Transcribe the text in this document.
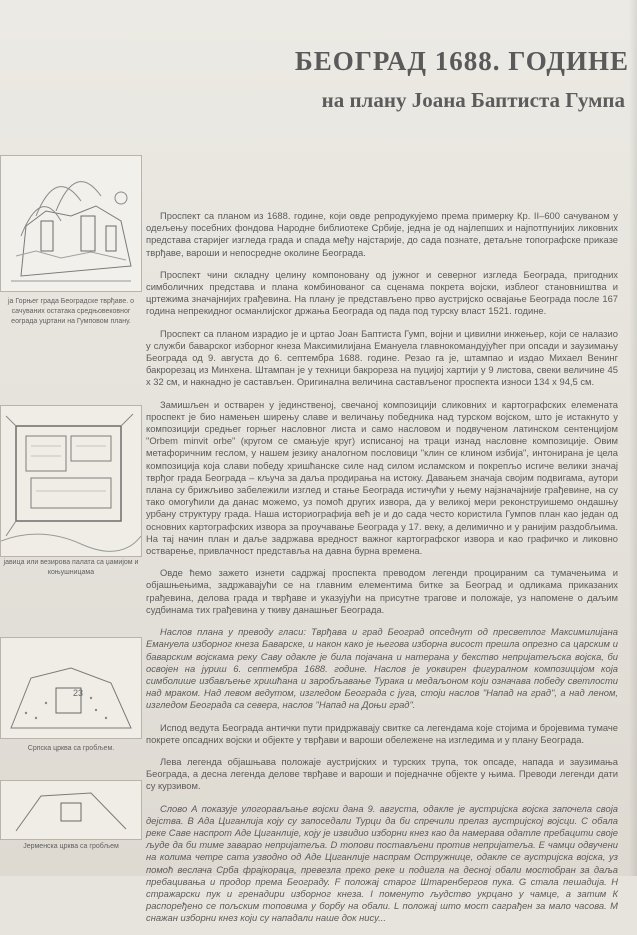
БЕОГРАД 1688. ГОДИНЕ
на плану Јоана Баптиста Гумпа
ја Горњег града Београдске тврђаве. о сачуваних остатака средњовековног еограда уцртани на Гумповом плану.
јавица или везирова палата са џамијом и коњушницама
23
Српска црква са гробљем.
Јерменска црква са гробљем

Проспект са планом из 1688. године, који овде репродукујемо према примерку Кр. II–600 сачуваном у одељењу посебних фондова Народне библиотеке Србије, једна је од најлепших и најпотпунијих ликовних представа старијег изгледа града и спада међу најстарије, до сада познате, детаљне топографске приказе тврђаве, вароши и непосредне околине Београда.

Проспект чини складну целину компоновану од јужног и северног изгледа Београда, пригодних симболичних представа и плана комбинованог са сценама покрета војски, изблеог становништва и цртежима значајнијих грађевина. На плану је представљено прво аустријско освајање Београда после 167 година непрекидног османлијског држања Београда од пада под турску власт 1521. године.

Проспект са планом израдио је и цртао Јоан Баптиста Гумп, војни и цивилни инжењер, који се налазио у служби баварског изборног кнеза Максимилијана Емануела главнокомандујућег при опсади и заузимању Београда од 9. августа до 6. септембра 1688. године. Резао га је, штампао и издао Михаел Венинг бакрорезац из Минхена. Штампан је у техници бакрореза на пуцијој хартији у 9 листова, свеки величине 45 x 32 см, и накнадно је састављен. Оригинална величина састављеног проспекта износи 134 x 94,5 см.

Замишљен и остварен у јединственој, свечаној композицији сликовних и картографских елемената проспект је био намењен ширењу славе и величању победника над турском војском, што је истакнуто у композицији средњег горњег насловног листа и само насловом и подвученом латинском сентенцијом "Orbem minvit orbe" (кругом се смањује круг) исписаној на траци изнад насловне композиције. Овим метафоричним геслом, у нашем језику аналогном пословици "клин се клином избија", интонирана је цела композиција која слави победу хришћанске силе над силом исламском и покрепљо исгиче велики значај тврђог града Београда – кључа за даља продирања на истоку. Давањем значаја својим подвигама, аутори плана су брижљиво забележили изглед и стање Београда истичући у њему најзначајније грађевине, на су тако омогућили да данас можемо, уз помоћ других извора, да у великој мери реконструишемо ондашњу урбану структуру града. Наша историографија већ је и до сада често користила Гумпов план као један од основних картографских извора за проучавање Београда у 17. веку, а делимично и у ранијим раздобљима. На тај начин план и даље задржава вредност важног картографског извора и као графичко и ликовно остварење, привлачност представља на давна бурна времена.

Овде ћемо зажето изнети садржај проспекта преводом легенди процираним са тумачењима и објашњењима, задржавајући се на главним елементима битке за Београд и одликама приказаних грађевина, делова града и тврђаве и указујући на присутне трагове и положаје, уз напомене о даљим судбинама тих грађевина у ткиву данашњег Београда.

Наслов плана у преводу гласи: Тврђава и град Београд опседнут од пресветлог Максимилијана Емануела изборног кнеза Баварске, и након како је његова изборна висост прешла опрезно са царским и баварским војскама реку Саву одакле је била појачана и натерана у бекство непријатељска војска, би освојен на јуриш 6. септембра 1688. године. Наслов је уоквирен фигуралном композицијом која симболише избављење хришћана и заробљавање Турака и медаљоном који означава победу светлости над мраком. Над левом ведутом, изгледом Београда с југа, стоји наслов "Напад на град", а над леном, изгледом Београда са севера, наслов "Напад на Доњи град".

Испод ведута Београда антички пути придржавају свитке са легендама које стојима и бројевима тумаче покрете опсадних војски и објекте у тврђави и вароши обележене на изгледима и у плану Београда.

Лева легенда објашњава положаје аустријских и турских трупа, ток опсаде, напада и заузимања Београда, а десна легенда делове тврђаве и вароши и поједначне објекте у њима. Преводи легенди дати су курзивом.

Слово А показује улогорављање војски дана 9. августа, одакле је аустријска војска започела своја дејства. В Ада Циганлија коју су запоседали Турци да би спречили прелаз аустријској војсци. С обала реке Саве наспрот Аде Циганлије, коју је извидио изборни кнез као да намерава одатле пребацити своје људе да би тиме заварао непријатеља. D топови постављени против непријатеља. Е чамци одвучени на колима четре сата узводно од Аде Циганлије наспрам Остружнице, одакле се аустријска војска, уз помоћ веслача Срба фрајкораца, превезла преко реке и подигла на десној обали мостобран за даља пребацивања и продор према Београду. F положај старог Штаренбергов пука. G стала пешадија. H стражарски пук и гренадири изборног кнеза. I поменуто људство укрцано у чамце, а затим К распоређено се пољским топовима у борбу на обали. L положај што мост саграђен за мало часова. М снажан изборни кнез који су нападали наше док нису...
